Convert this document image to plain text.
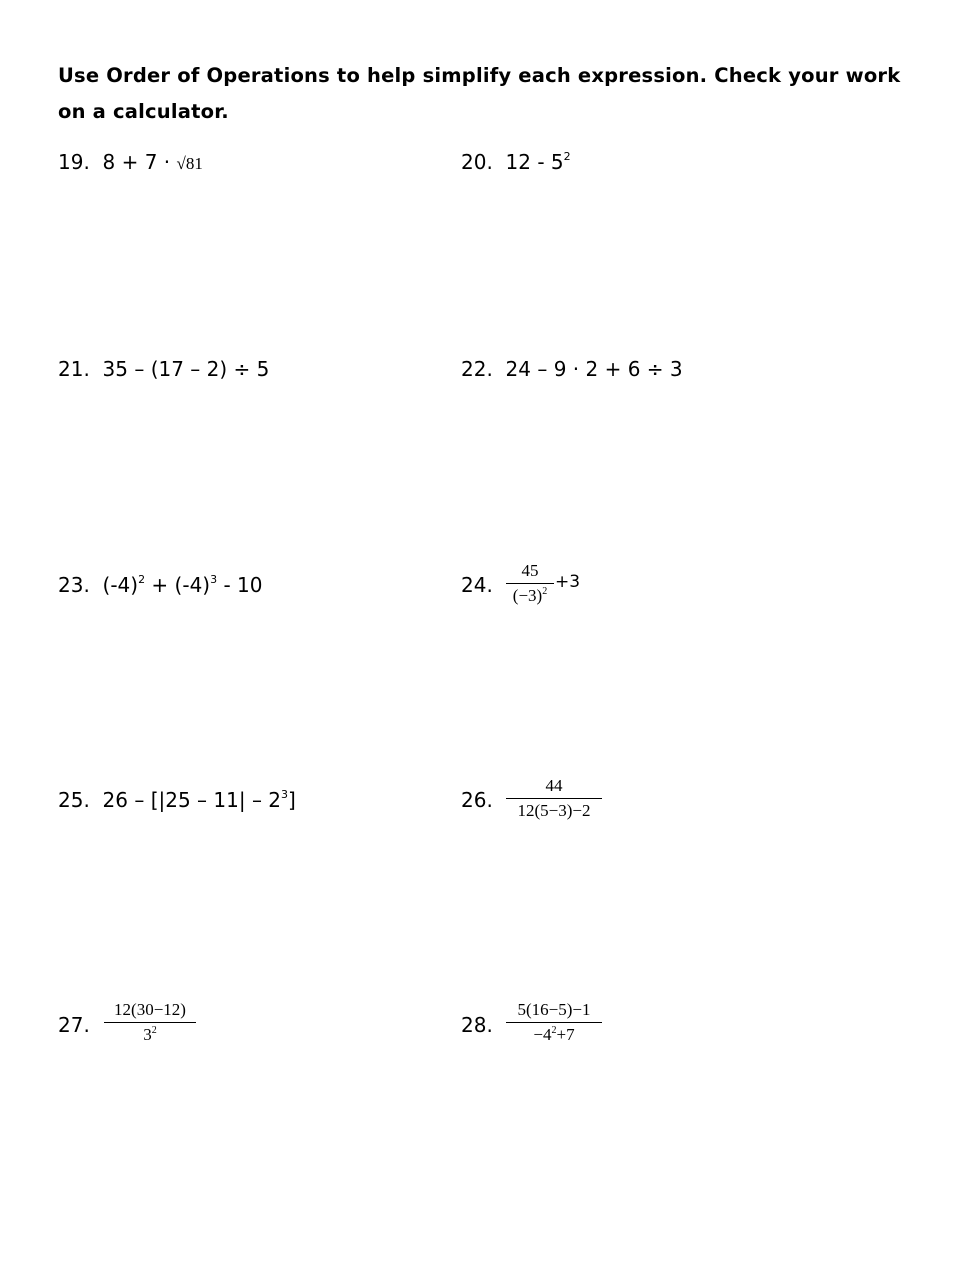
Use Order of Operations to help simplify each expression. Check your work on a calculator.
19. 8 + 7 · √81	20. $12 - 5^2$
21. 35 – (17 – 2) ÷ 5	22. 24 – 9 · 2 + 6 ÷ 3
23. $(-4)^2 + (-4)^3 - 10$	24.
45
$(-3)^2 +3$
25. $26 - [|25 - 11| - 2^3]$	26.
44
12(5−3)−2
27.
12(30−12)
$3^2$	28.
5(16−5)−1
$-4^2+7$
